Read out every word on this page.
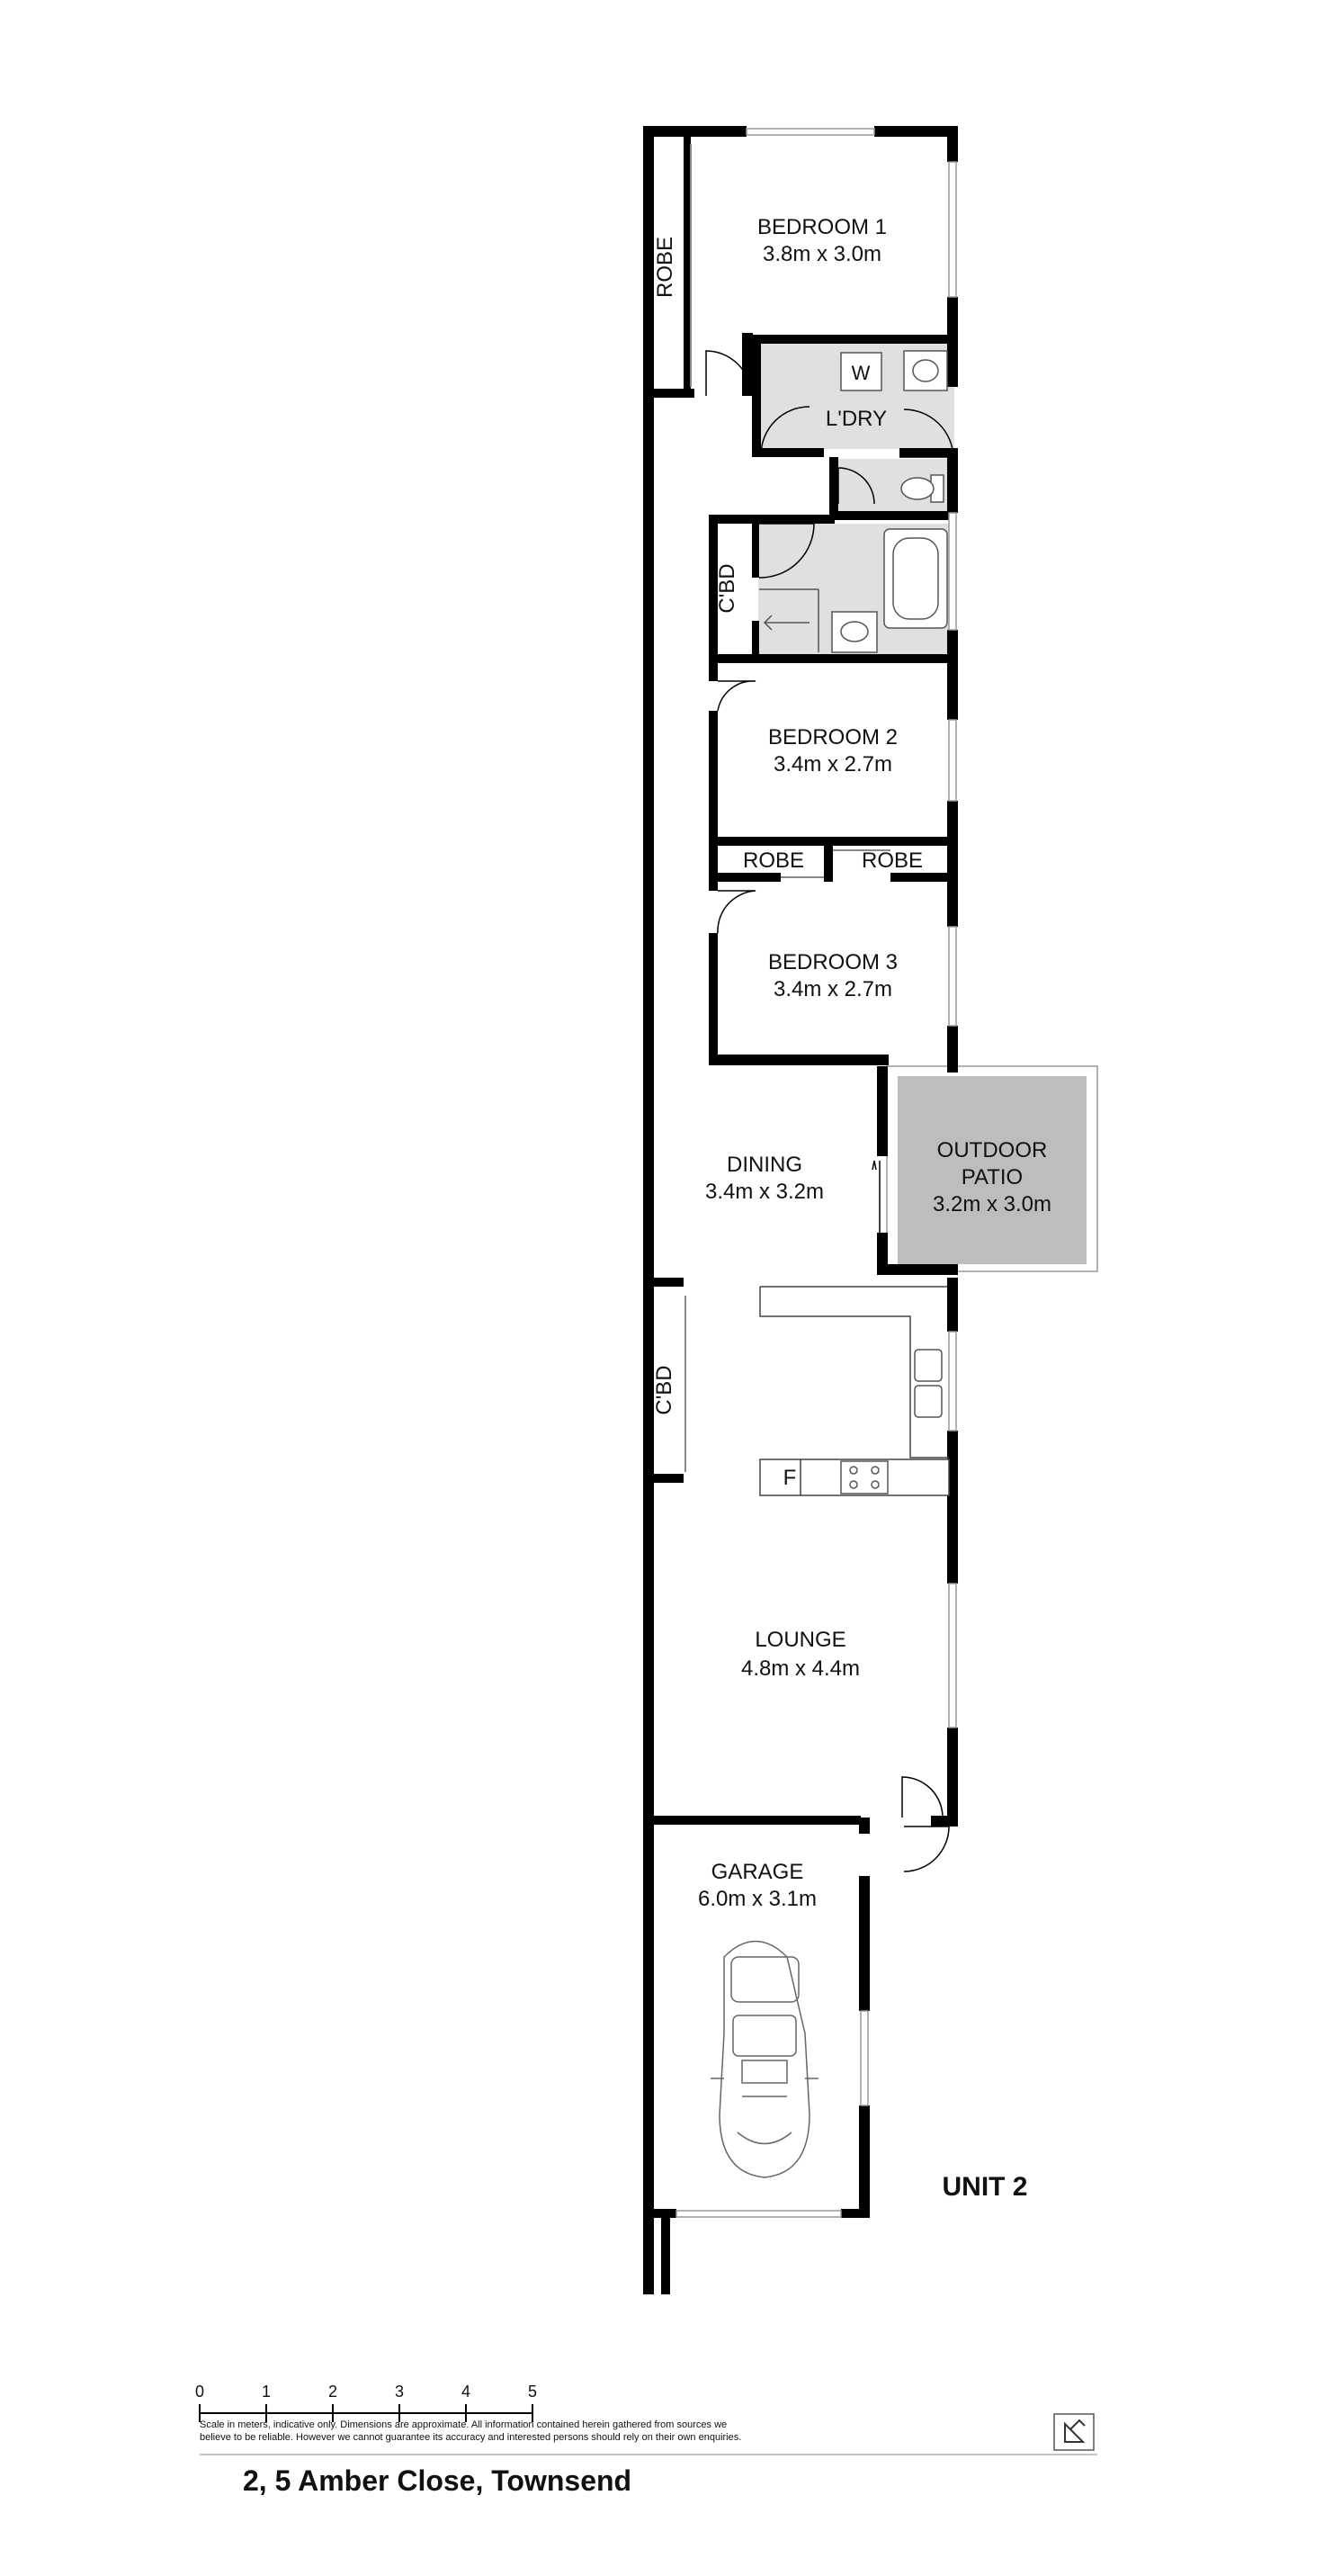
W
F
BEDROOM 1
3.8m x 3.0m
ROBE
L'DRY
C'BD
BEDROOM 2
3.4m x 2.7m
ROBE	ROBE
BEDROOM 3
3.4m x 2.7m
DINING
3.4m x 3.2m
OUTDOOR
PATIO
3.2m x 3.0m
C'BD
LOUNGE
4.8m x 4.4m
GARAGE
6.0m x 3.1m
UNIT 2
0	1	2	3	4	5
Scale in meters, indicative only. Dimensions are approximate. All information contained herein gathered from sources we
believe to be reliable. However we cannot guarantee its accuracy and interested persons should rely on their own enquiries.
2, 5 Amber Close, Townsend
